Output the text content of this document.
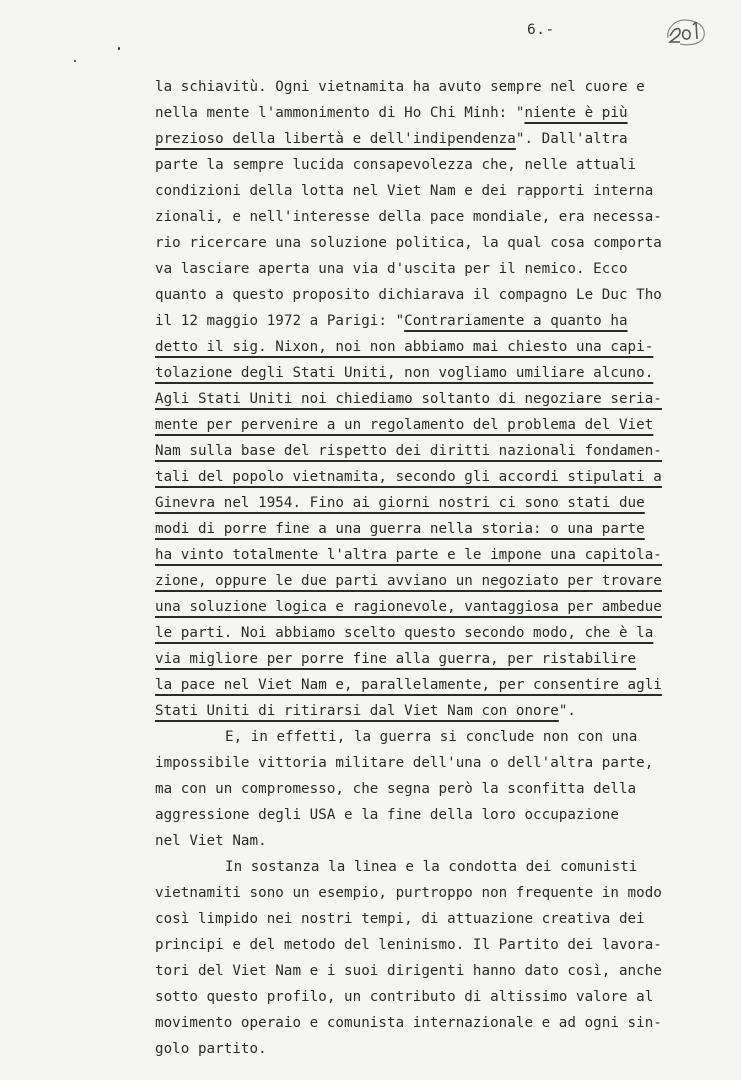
6.-
la schiavitù. Ogni vietnamita ha avuto sempre nel cuore e
nella mente l'ammonimento di Ho Chi Minh: "niente è più
prezioso della libertà e dell'indipendenza". Dall'altra
parte la sempre lucida consapevolezza che, nelle attuali
condizioni della lotta nel Viet Nam e dei rapporti interna
zionali, e nell'interesse della pace mondiale, era necessa-
rio ricercare una soluzione politica, la qual cosa comporta
va lasciare aperta una via d'uscita per il nemico. Ecco
quanto a questo proposito dichiarava il compagno Le Duc Tho
il 12 maggio 1972 a Parigi: "Contrariamente a quanto ha
detto il sig. Nixon, noi non abbiamo mai chiesto una capi-
tolazione degli Stati Uniti, non vogliamo umiliare alcuno.
Agli Stati Uniti noi chiediamo soltanto di negoziare seria-
mente per pervenire a un regolamento del problema del Viet
Nam sulla base del rispetto dei diritti nazionali fondamen-
tali del popolo vietnamita, secondo gli accordi stipulati a
Ginevra nel 1954. Fino ai giorni nostri ci sono stati due
modi di porre fine a una guerra nella storia: o una parte
ha vinto totalmente l'altra parte e le impone una capitola-
zione, oppure le due parti avviano un negoziato per trovare
una soluzione logica e ragionevole, vantaggiosa per ambedue
le parti. Noi abbiamo scelto questo secondo modo, che è la
via migliore per porre fine alla guerra, per ristabilire
la pace nel Viet Nam e, parallelamente, per consentire agli
Stati Uniti di ritirarsi dal Viet Nam con onore".
E, in effetti, la guerra si conclude non con una
impossibile vittoria militare dell'una o dell'altra parte,
ma con un compromesso, che segna però la sconfitta della
aggressione degli USA e la fine della loro occupazione
nel Viet Nam.
In sostanza la linea e la condotta dei comunisti
vietnamiti sono un esempio, purtroppo non frequente in modo
così limpido nei nostri tempi, di attuazione creativa dei
principi e del metodo del leninismo. Il Partito dei lavora-
tori del Viet Nam e i suoi dirigenti hanno dato così, anche
sotto questo profilo, un contributo di altissimo valore al
movimento operaio e comunista internazionale e ad ogni sin-
golo partito.
